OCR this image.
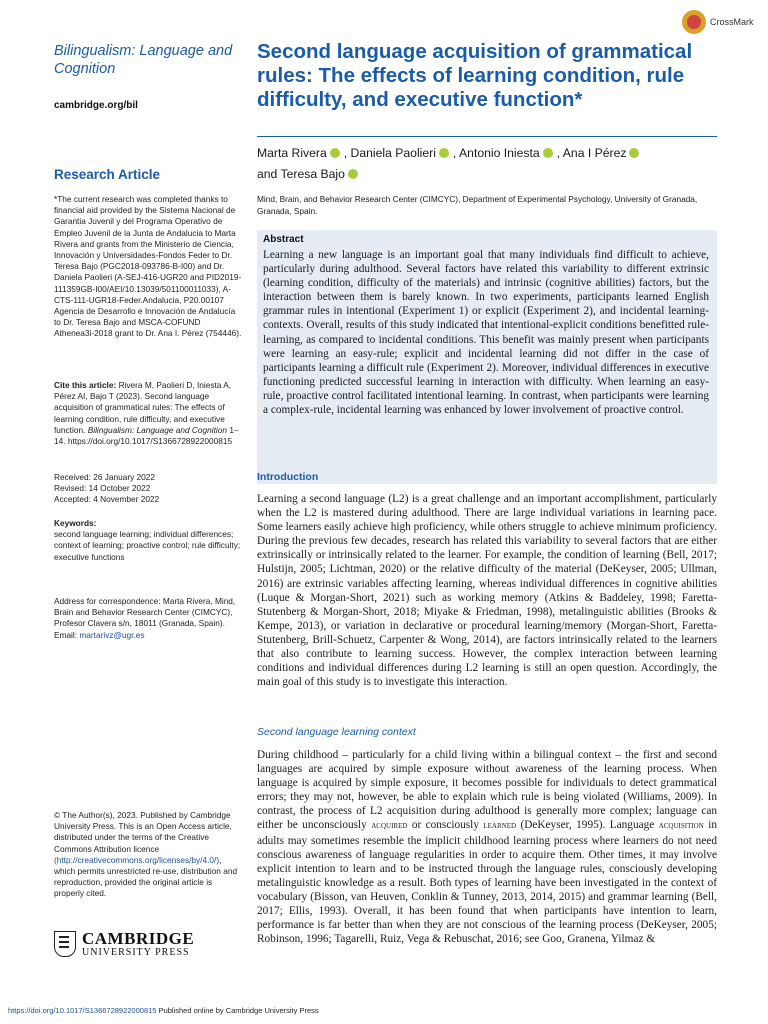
CrossMark
Bilingualism: Language and Cognition
cambridge.org/bil
Research Article
*The current research was completed thanks to financial aid provided by the Sistema Nacional de Garantia Juvenil y del Programa Operativo de Empleo Juvenil de la Junta de Andalucia to Marta Rivera and grants from the Ministerio de Ciencia, Innovación y Universidades-Fondos Feder to Dr. Teresa Bajo (PGC2018-093786-B-I00) and Dr. Daniela Paolieri (A-SEJ-416-UGR20 and PID2019-111359GB-I00/AEI/10.13039/501100011033), A-CTS-111-UGR18-Feder.Andalucia, P20.00107 Agencia de Desarrollo e Innovación de Andalucía to Dr. Teresa Bajo and MSCA-COFUND Athenea3i-2018 grant to Dr. Ana I. Pérez (754446).
Cite this article: Rivera M, Paolieri D, Iniesta A, Pérez AI, Bajo T (2023). Second language acquisition of grammatical rules: The effects of learning condition, rule difficulty, and executive function. Bilingualism: Language and Cognition 1–14. https://doi.org/10.1017/S1366728922000815
Received: 26 January 2022
Revised: 14 October 2022
Accepted: 4 November 2022
Keywords:
second language learning; individual differences; context of learning; proactive control; rule difficulty; executive functions
Address for correspondence: Marta Rivera, Mind, Brain and Behavior Research Center (CIMCYC), Profesor Clavera s/n, 18011 (Granada, Spain). Email: martarivz@ugr.es
© The Author(s), 2023. Published by Cambridge University Press. This is an Open Access article, distributed under the terms of the Creative Commons Attribution licence (http://creativecommons.org/licenses/by/4.0/), which permits unrestricted re-use, distribution and reproduction, provided the original article is properly cited.
CAMBRIDGE
UNIVERSITY PRESS
Second language acquisition of grammatical rules: The effects of learning condition, rule difficulty, and executive function*
Marta Rivera , Daniela Paolieri , Antonio Iniesta , Ana I Pérez
and Teresa Bajo
Mind, Brain, and Behavior Research Center (CIMCYC), Department of Experimental Psychology, University of Granada, Granada, Spain.
Abstract
Learning a new language is an important goal that many individuals find difficult to achieve, particularly during adulthood. Several factors have related this variability to different extrinsic (learning condition, difficulty of the materials) and intrinsic (cognitive abilities) factors, but the interaction between them is barely known. In two experiments, participants learned English grammar rules in intentional (Experiment 1) or explicit (Experiment 2), and incidental learning-contexts. Overall, results of this study indicated that intentional-explicit conditions benefitted rule-learning, as compared to incidental conditions. This benefit was mainly present when participants were learning an easy-rule; explicit and incidental learning did not differ in the case of participants learning a difficult rule (Experiment 2). Moreover, individual differences in executive functioning predicted successful learning in interaction with difficulty. When learning an easy-rule, proactive control facilitated intentional learning. In contrast, when participants were learning a complex-rule, incidental learning was enhanced by lower involvement of proactive control.
Introduction
Learning a second language (L2) is a great challenge and an important accomplishment, particularly when the L2 is mastered during adulthood. There are large individual variations in learning pace. Some learners easily achieve high proficiency, while others struggle to achieve minimum proficiency. During the previous few decades, research has related this variability to several factors that are either extrinsically or intrinsically related to the learner. For example, the condition of learning (Bell, 2017; Hulstijn, 2005; Lichtman, 2020) or the relative difficulty of the material (DeKeyser, 2005; Ullman, 2016) are extrinsic variables affecting learning, whereas individual differences in cognitive abilities (Luque & Morgan-Short, 2021) such as working memory (Atkins & Baddeley, 1998; Faretta-Stutenberg & Morgan-Short, 2018; Miyake & Friedman, 1998), metalinguistic abilities (Brooks & Kempe, 2013), or variation in declarative or procedural learning/memory (Morgan-Short, Faretta-Stutenberg, Brill-Schuetz, Carpenter & Wong, 2014), are factors intrinsically related to the learners that also contribute to learning success. However, the complex interaction between learning conditions and individual differences during L2 learning is still an open question. Accordingly, the main goal of this study is to investigate this interaction.
Second language learning context
During childhood – particularly for a child living within a bilingual context – the first and second languages are acquired by simple exposure without awareness of the learning process. When language is acquired by simple exposure, it becomes possible for individuals to detect grammatical errors; they may not, however, be able to explain which rule is being violated (Williams, 2009). In contrast, the process of L2 acquisition during adulthood is generally more complex; language can either be unconsciously acquired or consciously learned (DeKeyser, 1995). Language acquisition in adults may sometimes resemble the implicit childhood learning process where learners do not need conscious awareness of language regularities in order to acquire them. Other times, it may involve explicit intention to learn and to be instructed through the language rules, consciously developing metalinguistic knowledge as a result. Both types of learning have been investigated in the context of vocabulary (Bisson, van Heuven, Conklin & Tunney, 2013, 2014, 2015) and grammar learning (Bell, 2017; Ellis, 1993). Overall, it has been found that when participants have intention to learn, performance is far better than when they are not conscious of the learning process (DeKeyser, 2005; Robinson, 1996; Tagarelli, Ruiz, Vega & Rebuschat, 2016; see Goo, Granena, Yilmaz &
https://doi.org/10.1017/S1366728922000815 Published online by Cambridge University Press
